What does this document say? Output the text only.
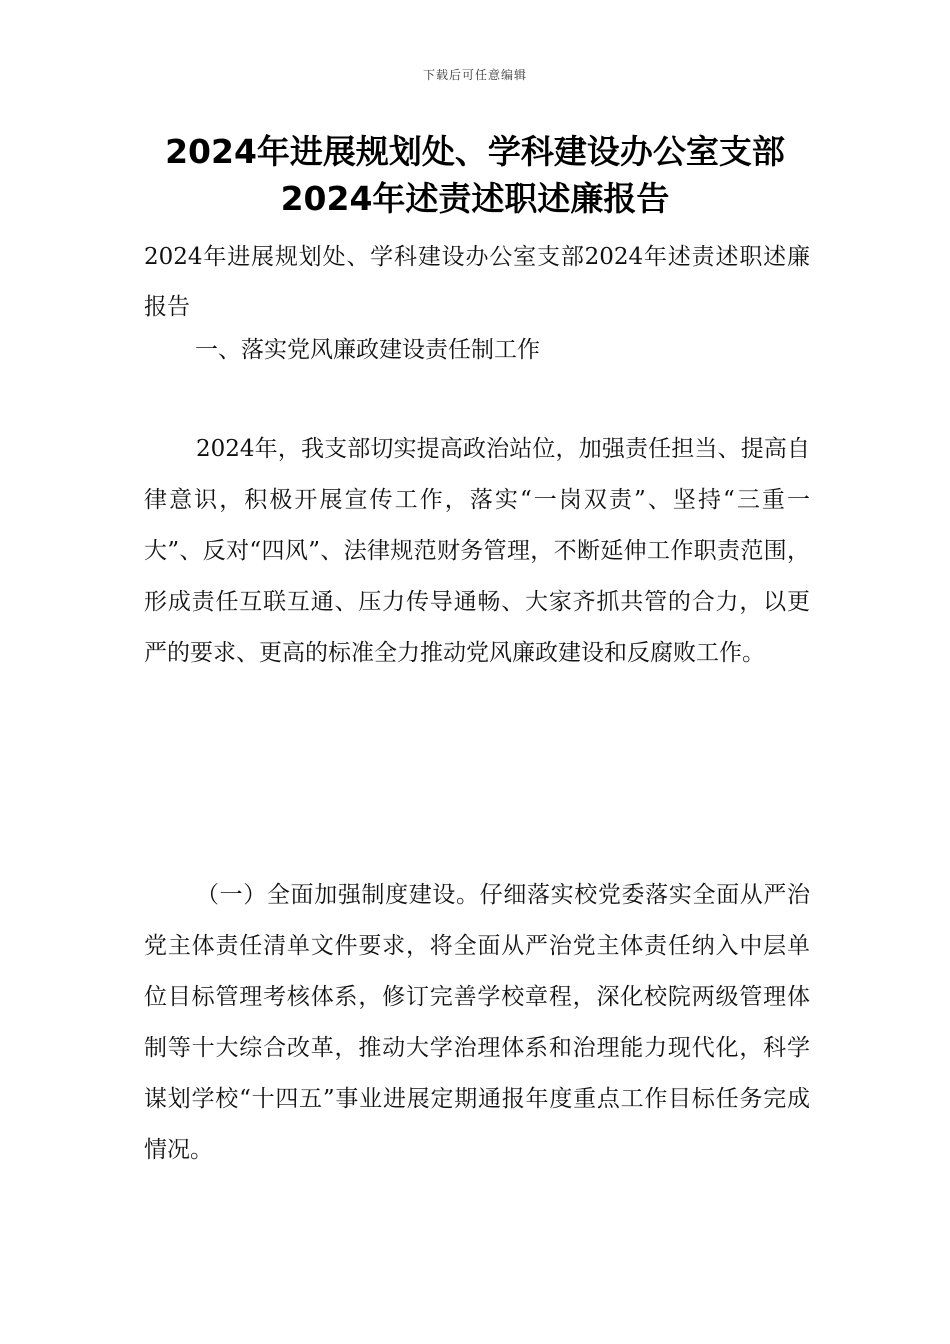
下载后可任意编辑
2024年进展规划处、学科建设办公室支部2024年述责述职述廉报告
2024年进展规划处、学科建设办公室支部2024年述责述职述廉报告
一、落实党风廉政建设责任制工作
2024年，我支部切实提高政治站位，加强责任担当、提高自律意识，积极开展宣传工作，落实“一岗双责”、坚持“三重一大”、反对“四风”、法律规范财务管理，不断延伸工作职责范围，形成责任互联互通、压力传导通畅、大家齐抓共管的合力，以更严的要求、更高的标准全力推动党风廉政建设和反腐败工作。
（一）全面加强制度建设。仔细落实校党委落实全面从严治党主体责任清单文件要求，将全面从严治党主体责任纳入中层单位目标管理考核体系，修订完善学校章程，深化校院两级管理体制等十大综合改革，推动大学治理体系和治理能力现代化，科学谋划学校“十四五”事业进展定期通报年度重点工作目标任务完成情况。
